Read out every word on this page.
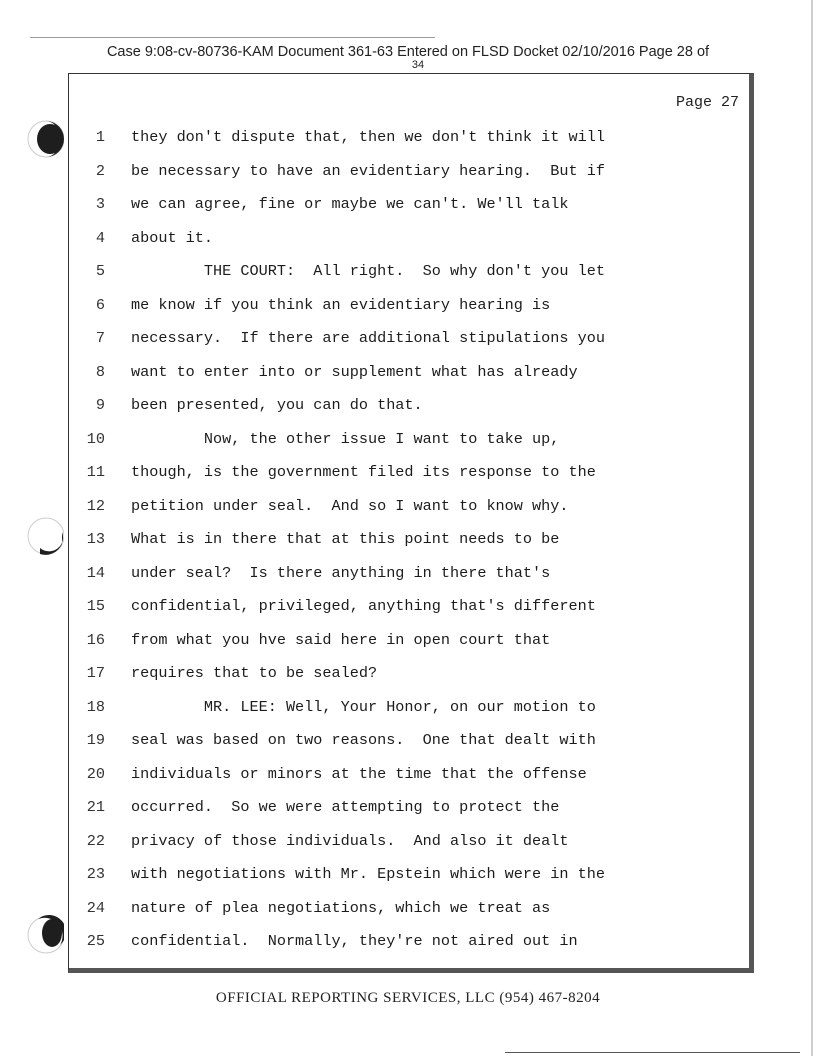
Case 9:08-cv-80736-KAM Document 361-63 Entered on FLSD Docket 02/10/2016 Page 28 of
34
Page 27
1 they don't dispute that, then we don't think it will
2 be necessary to have an evidentiary hearing.  But if
3 we can agree, fine or maybe we can't. We'll talk
4 about it.
5 THE COURT:  All right.  So why don't you let
6 me know if you think an evidentiary hearing is
7 necessary.  If there are additional stipulations you
8 want to enter into or supplement what has already
9 been presented, you can do that.
10 Now, the other issue I want to take up,
11 though, is the government filed its response to the
12 petition under seal.  And so I want to know why.
13 What is in there that at this point needs to be
14 under seal?  Is there anything in there that's
15 confidential, privileged, anything that's different
16 from what you hve said here in open court that
17 requires that to be sealed?
18 MR. LEE: Well, Your Honor, on our motion to
19 seal was based on two reasons.  One that dealt with
20 individuals or minors at the time that the offense
21 occurred.  So we were attempting to protect the
22 privacy of those individuals.  And also it dealt
23 with negotiations with Mr. Epstein which were in the
24 nature of plea negotiations, which we treat as
25 confidential.  Normally, they're not aired out in
OFFICIAL REPORTING SERVICES, LLC (954) 467-8204
